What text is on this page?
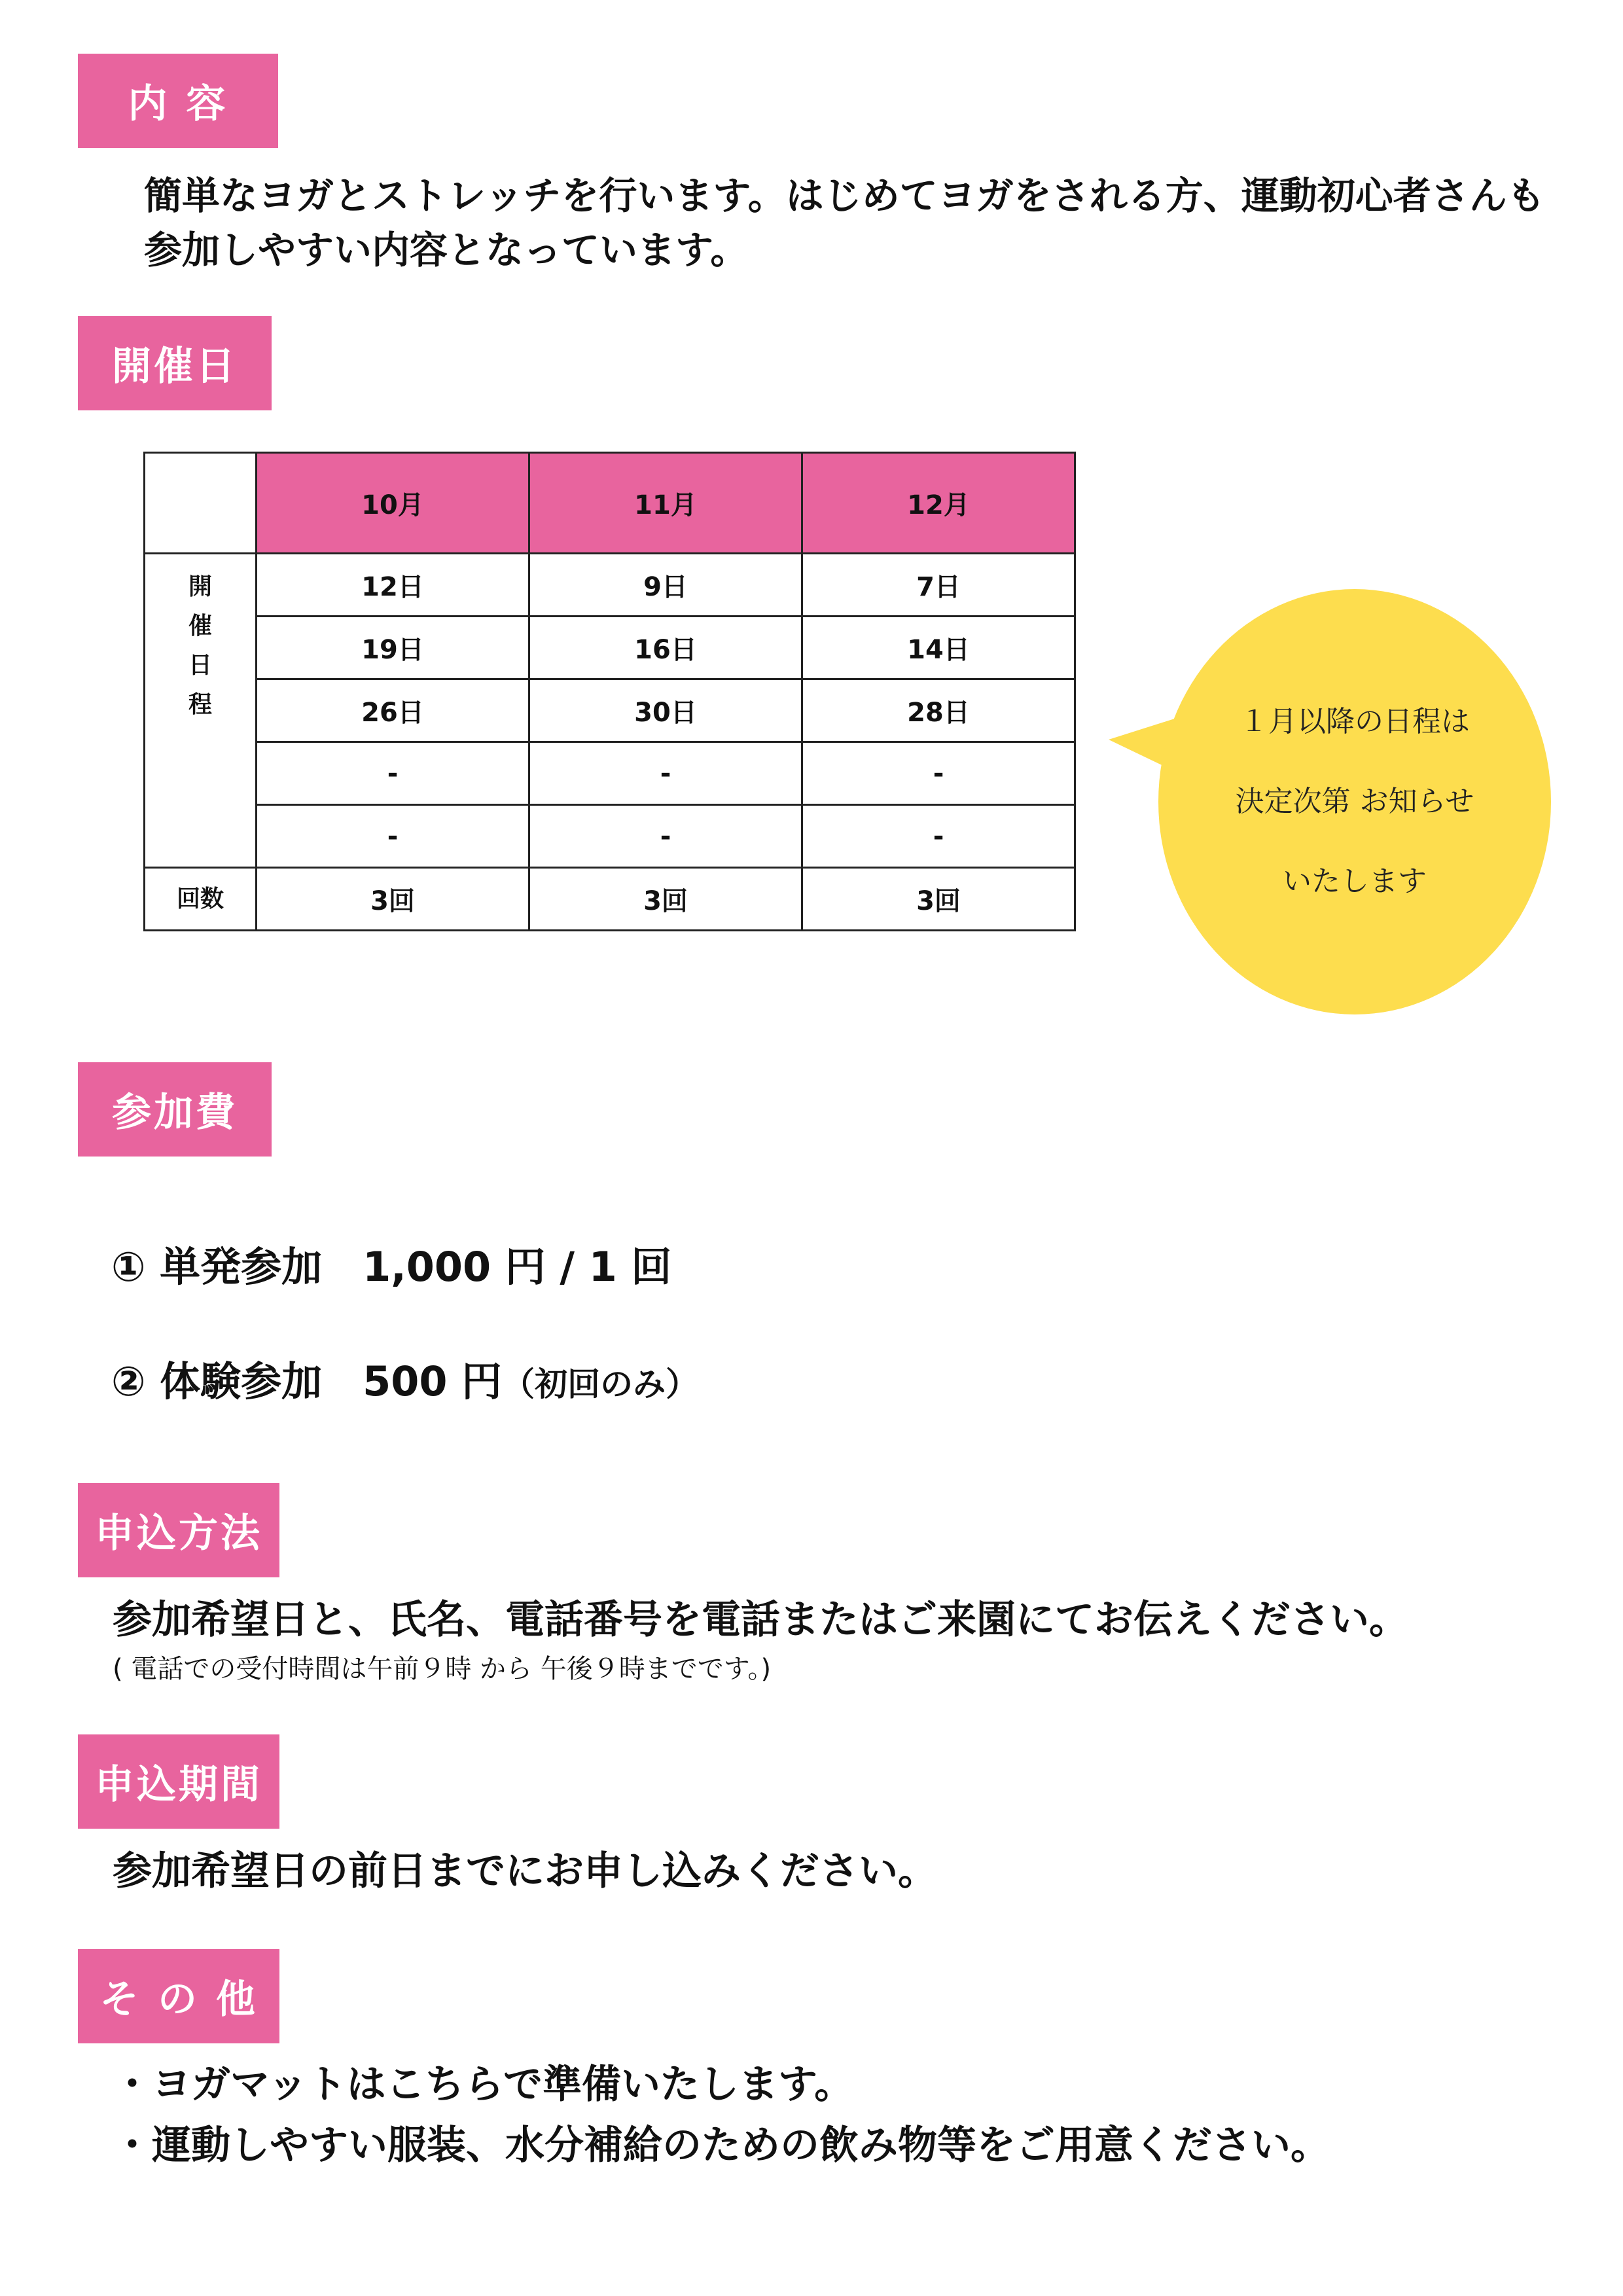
内 容
簡単なヨガとストレッチを行います。はじめてヨガをされる方、運動初心者さんも
参加しやすい内容となっています。
開催日
	10月	11月	12月

開
催
日
程	12日	9日	7日
	19日	16日	14日
	26日	30日	28日
	-	-	-
	-	-	-
回数	3回	3回	3回
１月以降の日程は
決定次第 お知らせ
いたします
参加費
① 単発参加　1,000 円 / 1 回
② 体験参加　500 円（初回のみ）
申込方法
参加希望日と、氏名、電話番号を電話またはご来園にてお伝えください。
( 電話での受付時間は午前９時 から 午後９時までです。)
申込期間
参加希望日の前日までにお申し込みください。
そ の 他
・ヨガマットはこちらで準備いたします。
・運動しやすい服装、水分補給のための飲み物等をご用意ください。
